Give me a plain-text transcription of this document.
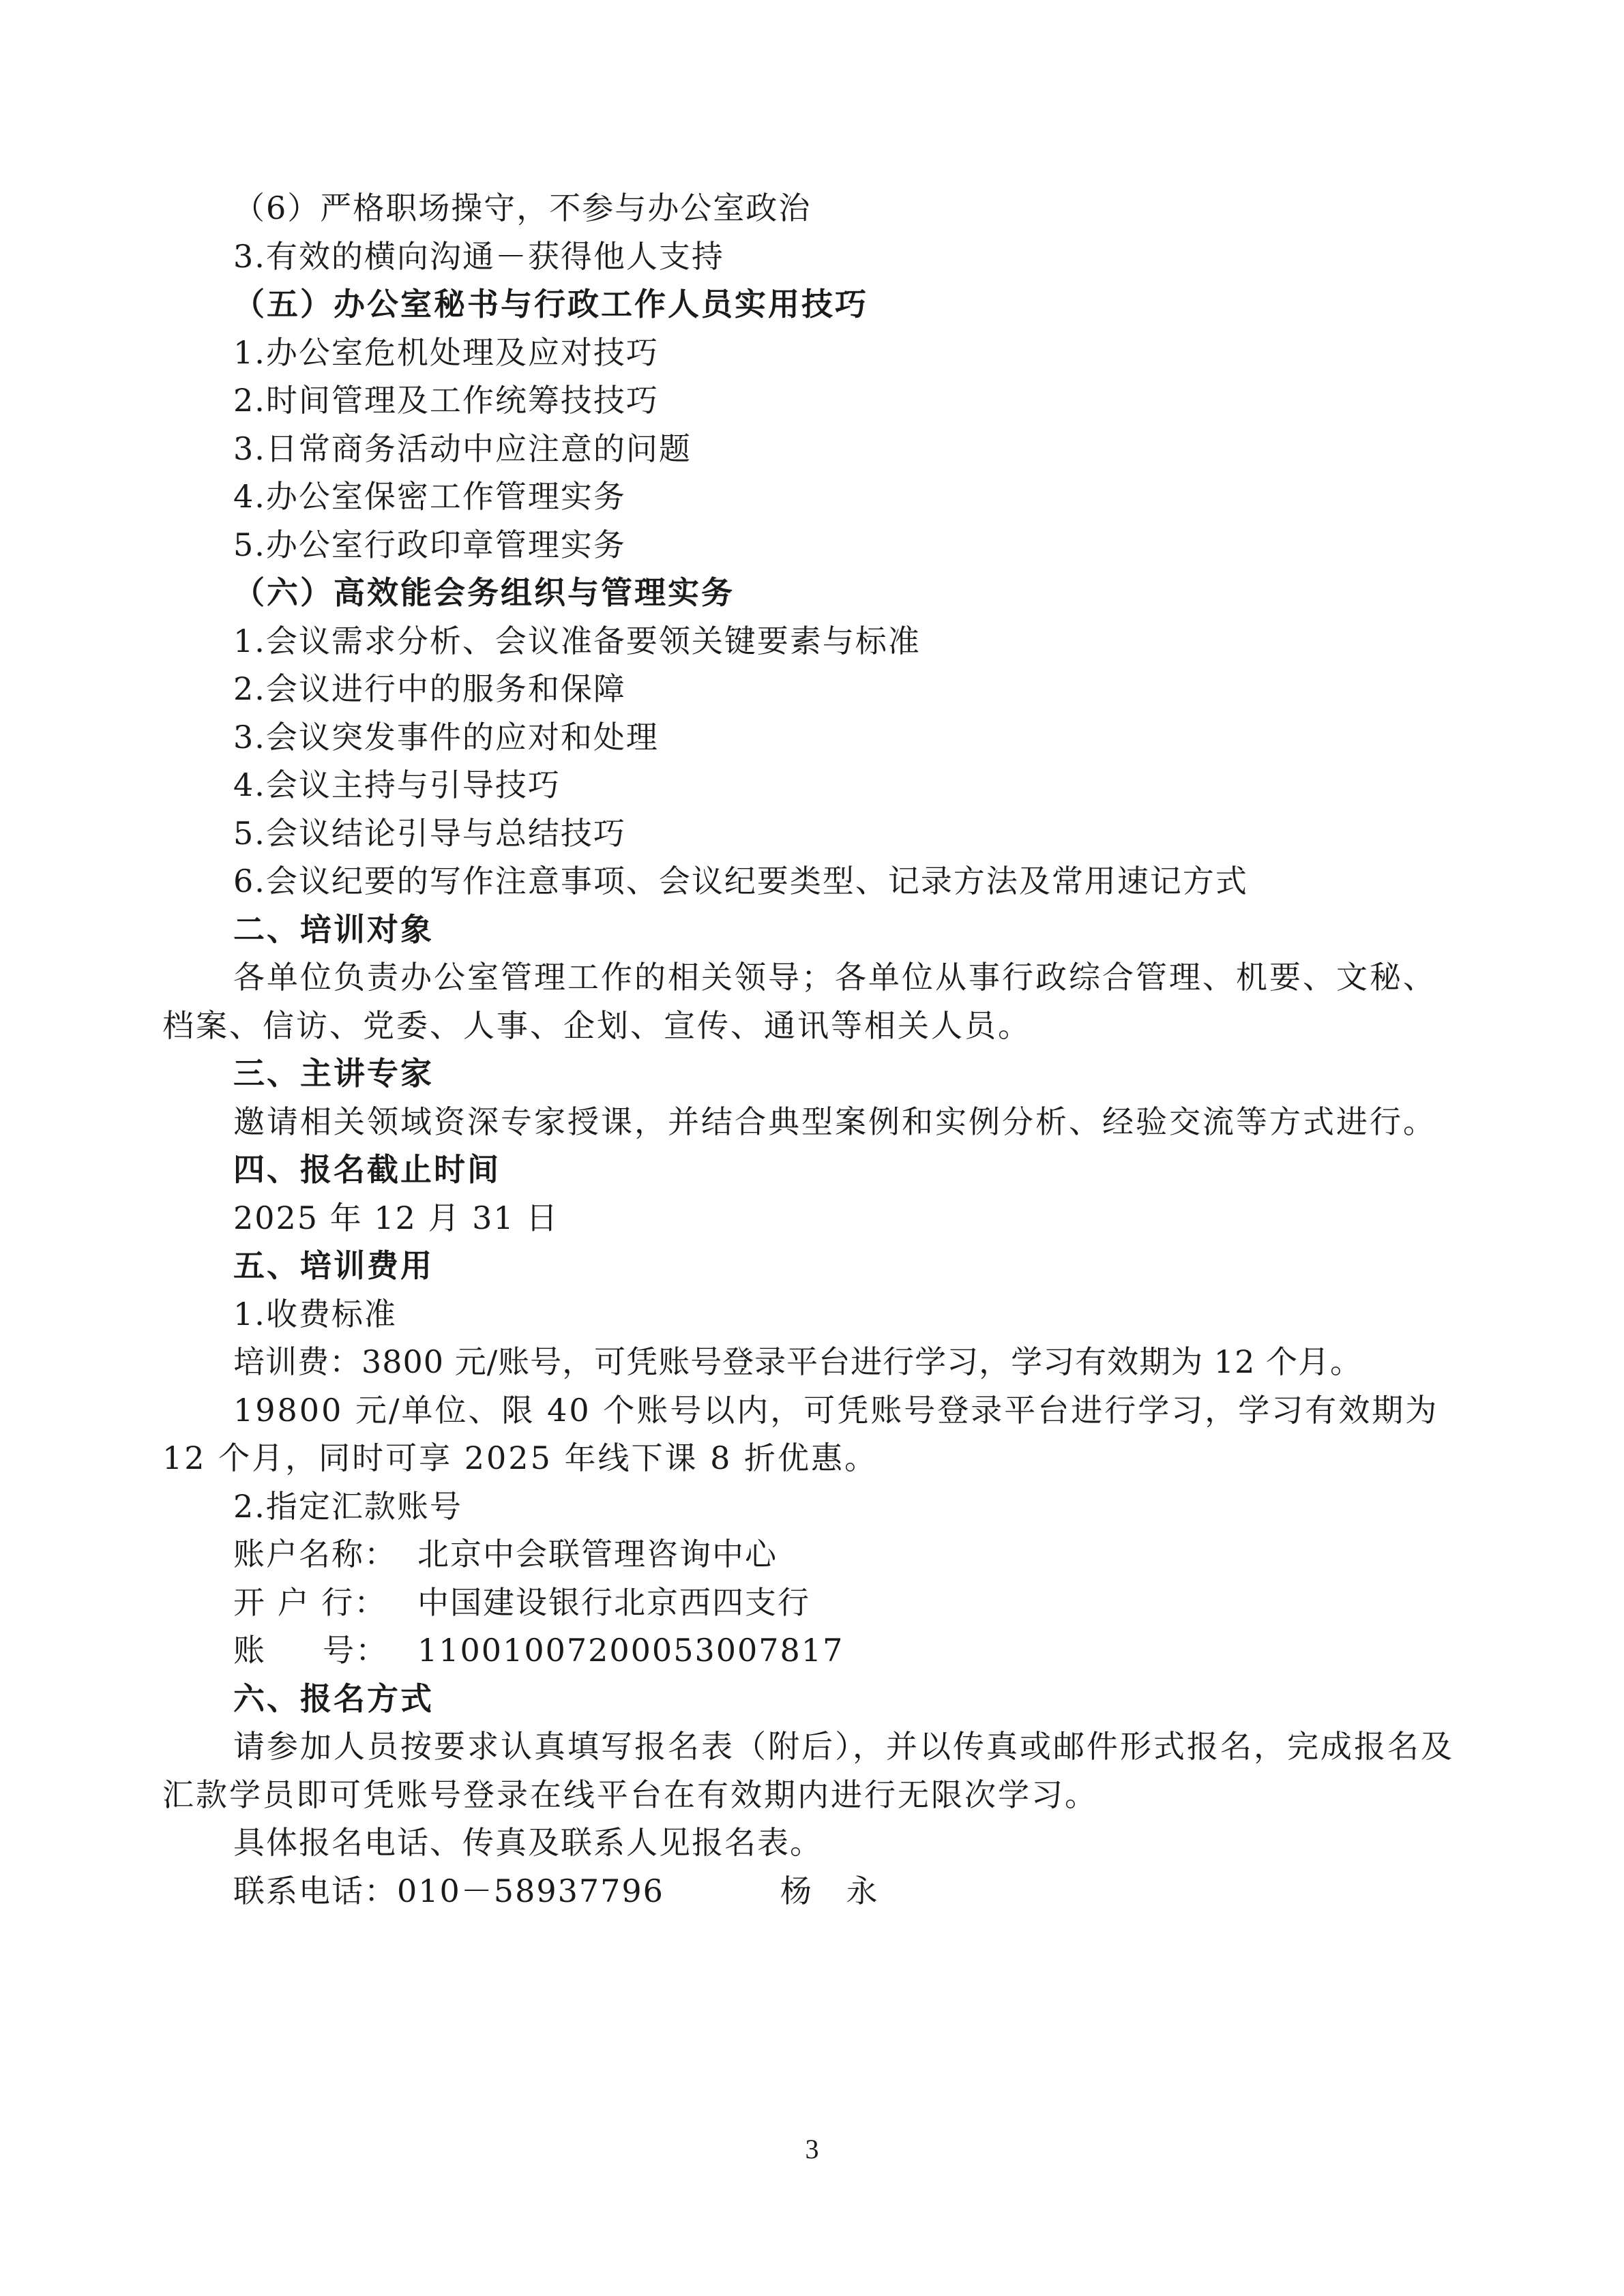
（6）严格职场操守，不参与办公室政治
3.有效的横向沟通－获得他人支持
（五）办公室秘书与行政工作人员实用技巧
1.办公室危机处理及应对技巧
2.时间管理及工作统筹技技巧
3.日常商务活动中应注意的问题
4.办公室保密工作管理实务
5.办公室行政印章管理实务
（六）高效能会务组织与管理实务
1.会议需求分析、会议准备要领关键要素与标准
2.会议进行中的服务和保障
3.会议突发事件的应对和处理
4.会议主持与引导技巧
5.会议结论引导与总结技巧
6.会议纪要的写作注意事项、会议纪要类型、记录方法及常用速记方式
二、培训对象
各单位负责办公室管理工作的相关领导；各单位从事行政综合管理、机要、文秘、档案、信访、党委、人事、企划、宣传、通讯等相关人员。
三、主讲专家
邀请相关领域资深专家授课，并结合典型案例和实例分析、经验交流等方式进行。
四、报名截止时间
2025 年 12 月 31 日
五、培训费用
1.收费标准
培训费：3800 元/账号，可凭账号登录平台进行学习，学习有效期为 12 个月。
19800 元/单位、限 40 个账号以内，可凭账号登录平台进行学习，学习有效期为 12 个月，同时可享 2025 年线下课 8 折优惠。
2.指定汇款账号
账户名称： 北京中会联管理咨询中心
开 户 行： 中国建设银行北京西四支行
账     号： 11001007200053007817
六、报名方式
请参加人员按要求认真填写报名表（附后），并以传真或邮件形式报名，完成报名及汇款学员即可凭账号登录在线平台在有效期内进行无限次学习。
具体报名电话、传真及联系人见报名表。
联系电话：010－58937796	杨 永
3
